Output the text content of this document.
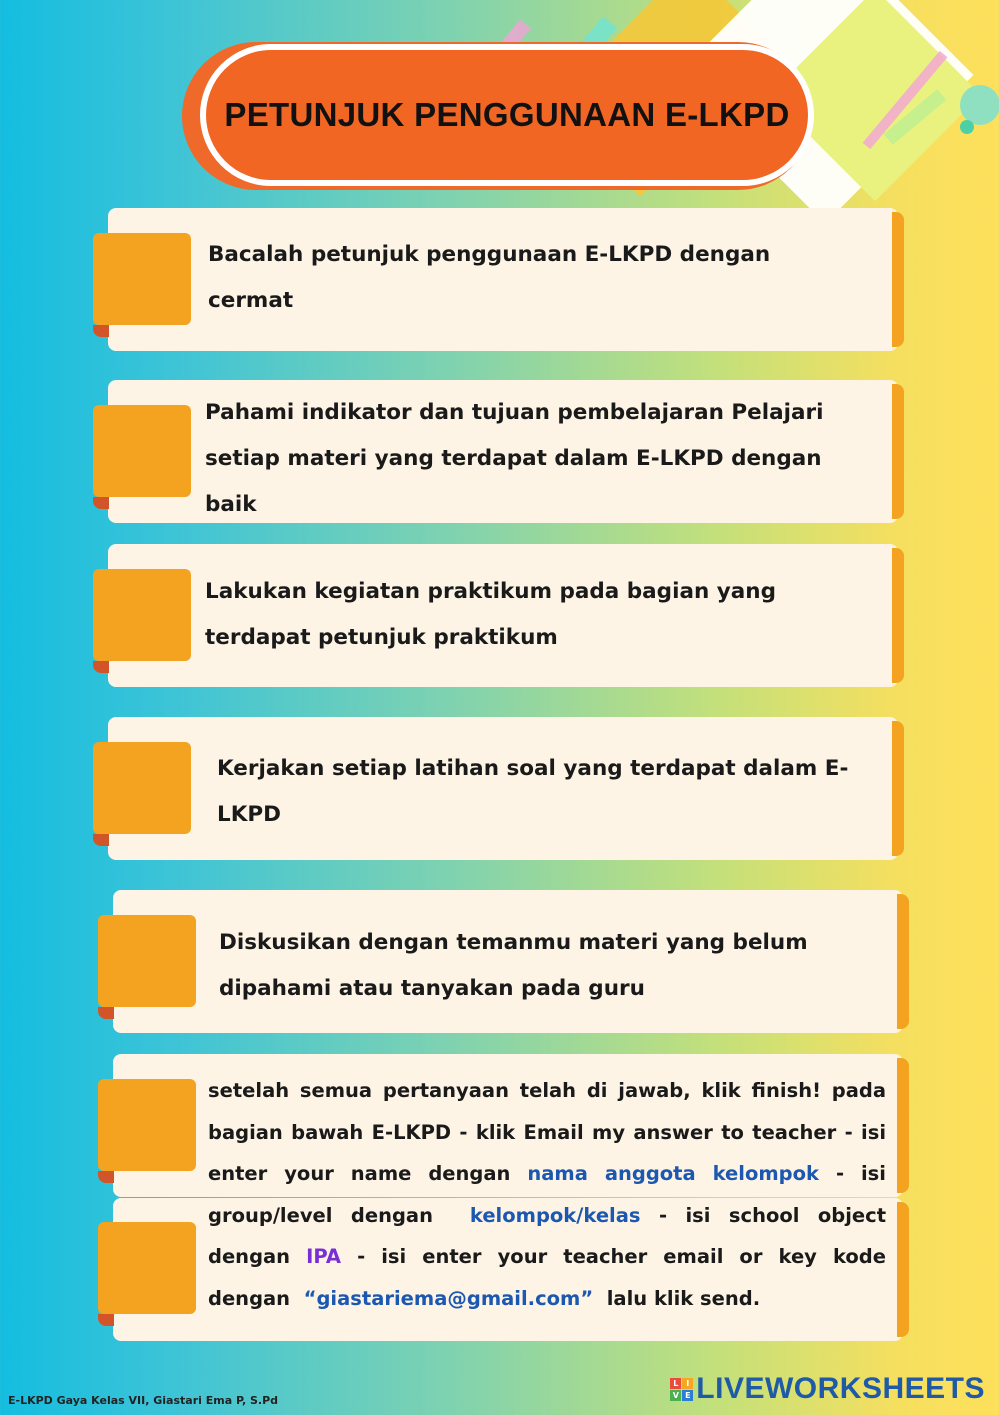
PETUNJUK PENGGUNAAN E-LKPD
Bacalah petunjuk penggunaan E-LKPD dengan cermat
Pahami indikator dan tujuan pembelajaran Pelajari setiap materi yang terdapat dalam E-LKPD dengan baik
Lakukan kegiatan praktikum pada bagian yang terdapat petunjuk praktikum
Kerjakan setiap latihan soal yang terdapat dalam E-LKPD
Diskusikan dengan temanmu materi yang belum dipahami atau tanyakan pada guru
setelah semua pertanyaan telah di jawab, klik finish! pada bagian bawah E-LKPD - klik Email my answer to teacher - isi enter your name dengan nama anggota kelompok - isi group/level dengan kelompok/kelas - isi school object dengan IPA - isi enter your teacher email or key kode dengan “giastariema@gmail.com” lalu klik send.
E-LKPD Gaya Kelas VII, Giastari Ema P, S.Pd
L I
V E LIVEWORKSHEETS
